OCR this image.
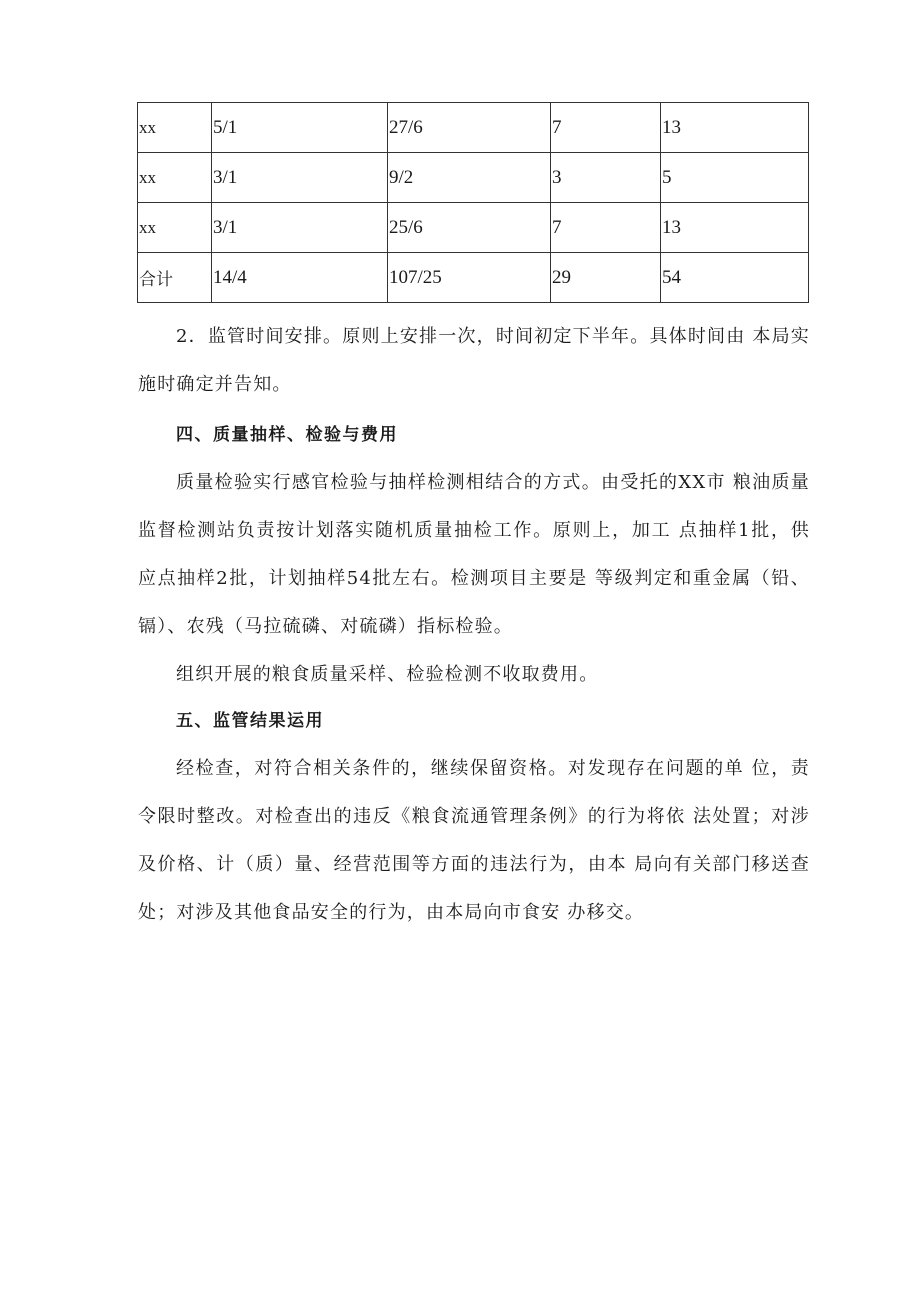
xx	5/1	27/6	7	13
xx	3/1	9/2	3	5
xx	3/1	25/6	7	13
合计	14/4	107/25	29	54

2．监管时间安排。原则上安排一次，时间初定下半年。具体时间由 本局实施时确定并告知。

四、质量抽样、检验与费用

质量检验实行感官检验与抽样检测相结合的方式。由受托的XX市 粮油质量监督检测站负责按计划落实随机质量抽检工作。原则上，加工 点抽样1批，供应点抽样2批，计划抽样54批左右。检测项目主要是 等级判定和重金属（铅、镉）、农残（马拉硫磷、对硫磷）指标检验。

组织开展的粮食质量采样、检验检测不收取费用。

五、监管结果运用

经检查，对符合相关条件的，继续保留资格。对发现存在问题的单 位，责令限时整改。对检查出的违反《粮食流通管理条例》的行为将依 法处置；对涉及价格、计（质）量、经营范围等方面的违法行为，由本 局向有关部门移送查处；对涉及其他食品安全的行为，由本局向市食安 办移交。
